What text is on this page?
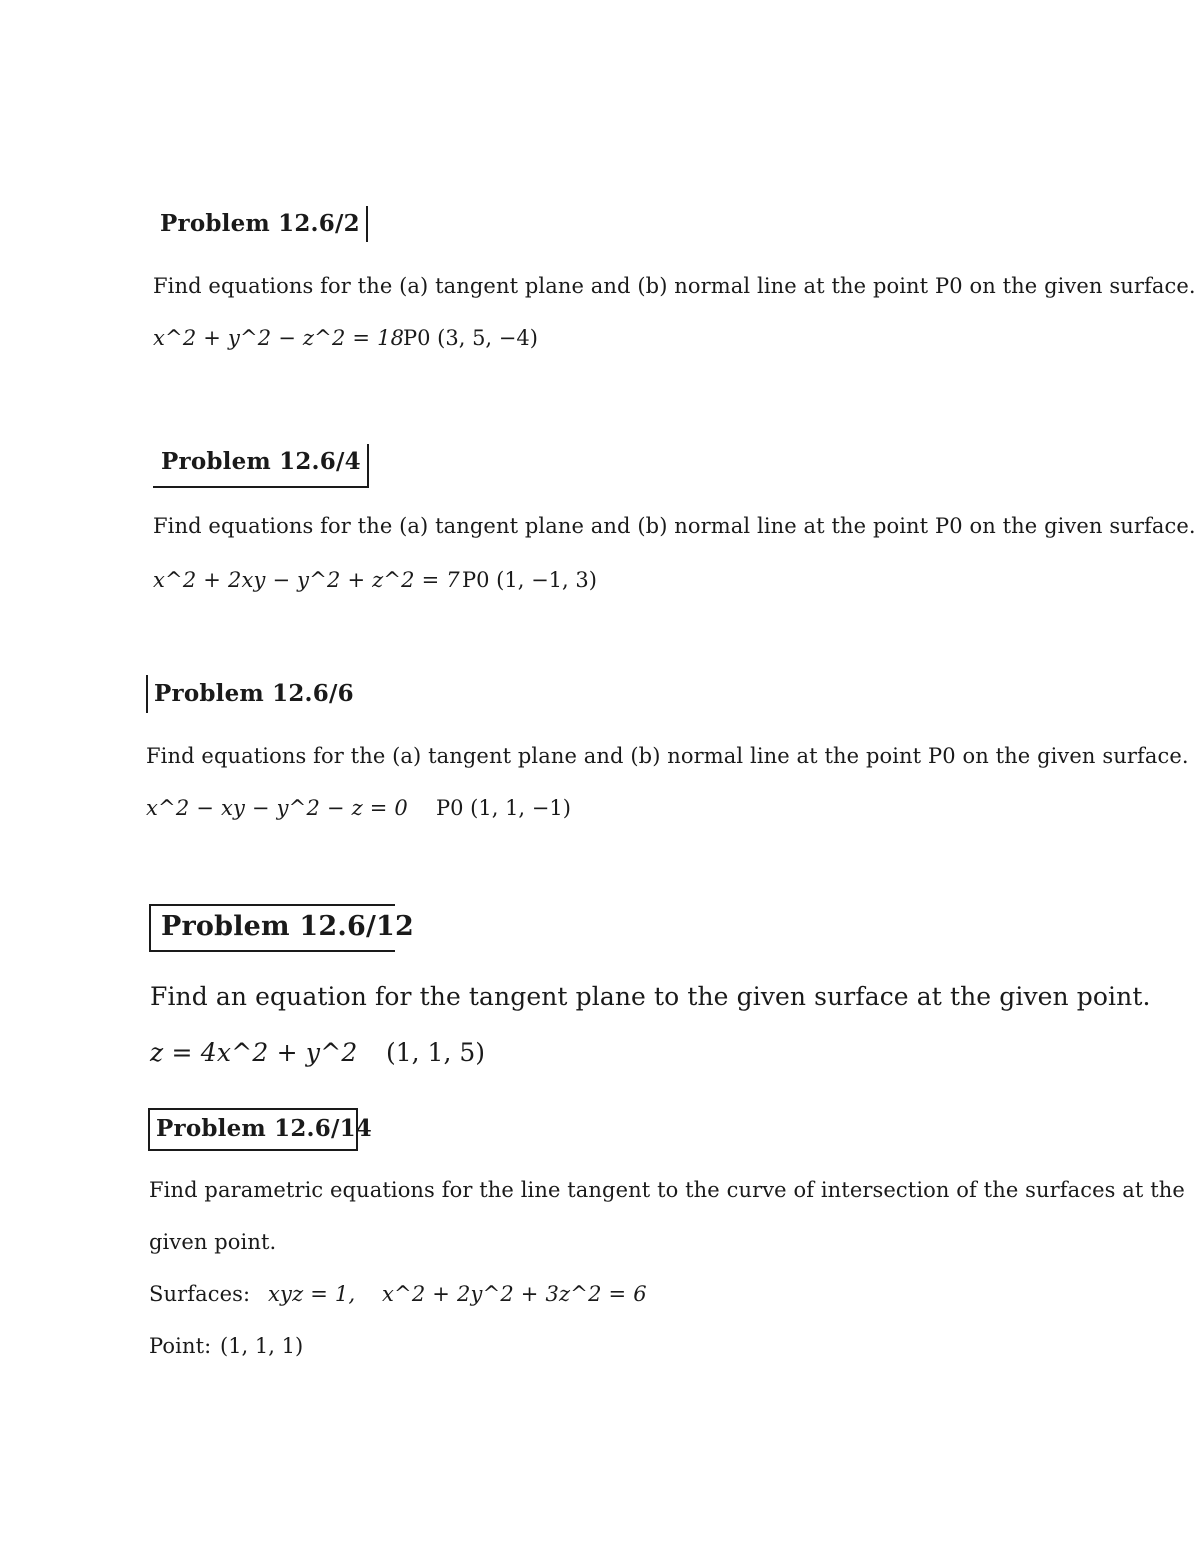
Problem 12.6/2
Find equations for the (a) tangent plane and (b) normal line at the point P0 on the given surface.
x^2 + y^2 − z^2 = 18
P0 (3, 5, −4)
Problem 12.6/4
Find equations for the (a) tangent plane and (b) normal line at the point P0 on the given surface.
x^2 + 2xy − y^2 + z^2 = 7 P0 (1, −1, 3)
Problem 12.6/6
Find equations for the (a) tangent plane and (b) normal line at the point P0 on the given surface.
x^2 − xy − y^2 − z = 0 P0 (1, 1, −1)
Problem 12.6/12
Find an equation for the tangent plane to the given surface at the given point.
z = 4x^2 + y^2 (1, 1, 5)
Problem 12.6/14
Find parametric equations for the line tangent to the curve of intersection of the surfaces at the
given point.
Surfaces: xyz = 1, x^2 + 2y^2 + 3z^2 = 6
Point: (1, 1, 1)
